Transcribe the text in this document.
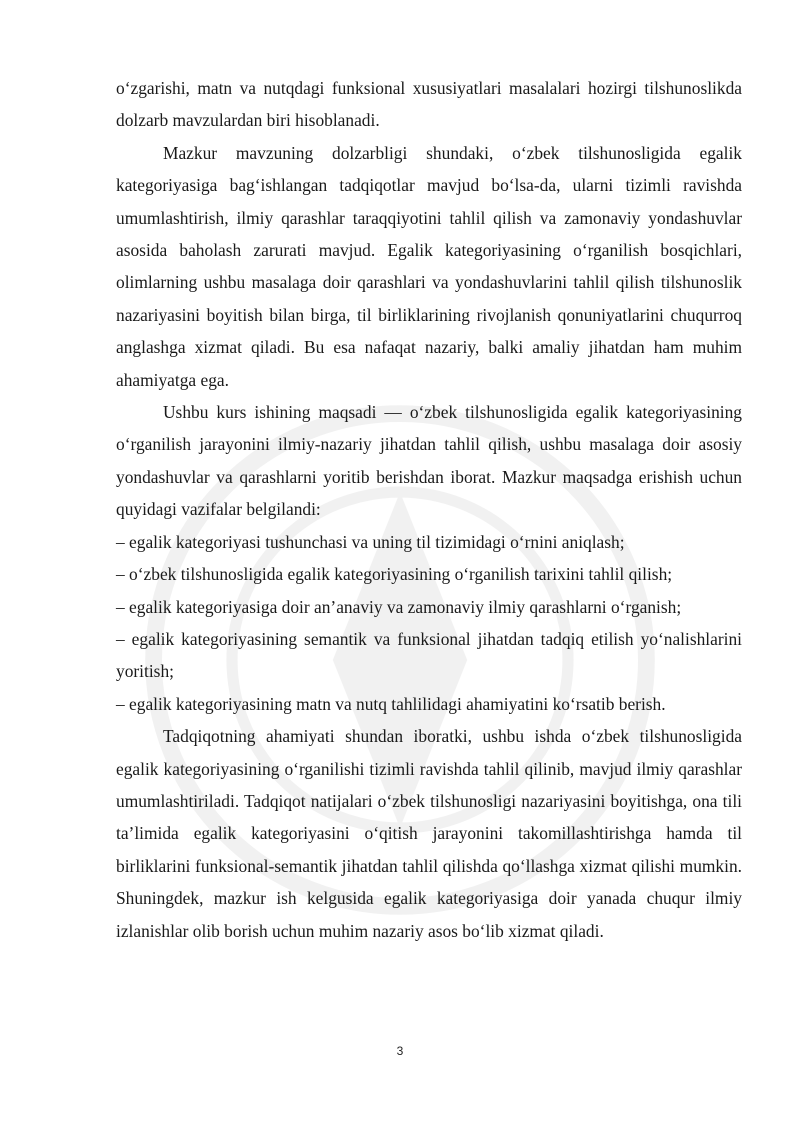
o‘zgarishi, matn va nutqdagi funksional xususiyatlari masalalari hozirgi tilshunoslikda dolzarb mavzulardan biri hisoblanadi.

Mazkur mavzuning dolzarbligi shundaki, o‘zbek tilshunosligida egalik kategoriyasiga bag‘ishlangan tadqiqotlar mavjud bo‘lsa-da, ularni tizimli ravishda umumlashtirish, ilmiy qarashlar taraqqiyotini tahlil qilish va zamonaviy yondashuvlar asosida baholash zarurati mavjud. Egalik kategoriyasining o‘rganilish bosqichlari, olimlarning ushbu masalaga doir qarashlari va yondashuvlarini tahlil qilish tilshunoslik nazariyasini boyitish bilan birga, til birliklarining rivojlanish qonuniyatlarini chuqurroq anglashga xizmat qiladi. Bu esa nafaqat nazariy, balki amaliy jihatdan ham muhim ahamiyatga ega.

Ushbu kurs ishining maqsadi — o‘zbek tilshunosligida egalik kategoriyasining o‘rganilish jarayonini ilmiy-nazariy jihatdan tahlil qilish, ushbu masalaga doir asosiy yondashuvlar va qarashlarni yoritib berishdan iborat. Mazkur maqsadga erishish uchun quyidagi vazifalar belgilandi:

– egalik kategoriyasi tushunchasi va uning til tizimidagi o‘rnini aniqlash;

– o‘zbek tilshunosligida egalik kategoriyasining o‘rganilish tarixini tahlil qilish;

– egalik kategoriyasiga doir an’anaviy va zamonaviy ilmiy qarashlarni o‘rganish;

– egalik kategoriyasining semantik va funksional jihatdan tadqiq etilish yo‘nalishlarini yoritish;

– egalik kategoriyasining matn va nutq tahlilidagi ahamiyatini ko‘rsatib berish.

Tadqiqotning ahamiyati shundan iboratki, ushbu ishda o‘zbek tilshunosligida egalik kategoriyasining o‘rganilishi tizimli ravishda tahlil qilinib, mavjud ilmiy qarashlar umumlashtiriladi. Tadqiqot natijalari o‘zbek tilshunosligi nazariyasini boyitishga, ona tili ta’limida egalik kategoriyasini o‘qitish jarayonini takomillashtirishga hamda til birliklarini funksional-semantik jihatdan tahlil qilishda qo‘llashga xizmat qilishi mumkin. Shuningdek, mazkur ish kelgusida egalik kategoriyasiga doir yanada chuqur ilmiy izlanishlar olib borish uchun muhim nazariy asos bo‘lib xizmat qiladi.

3
